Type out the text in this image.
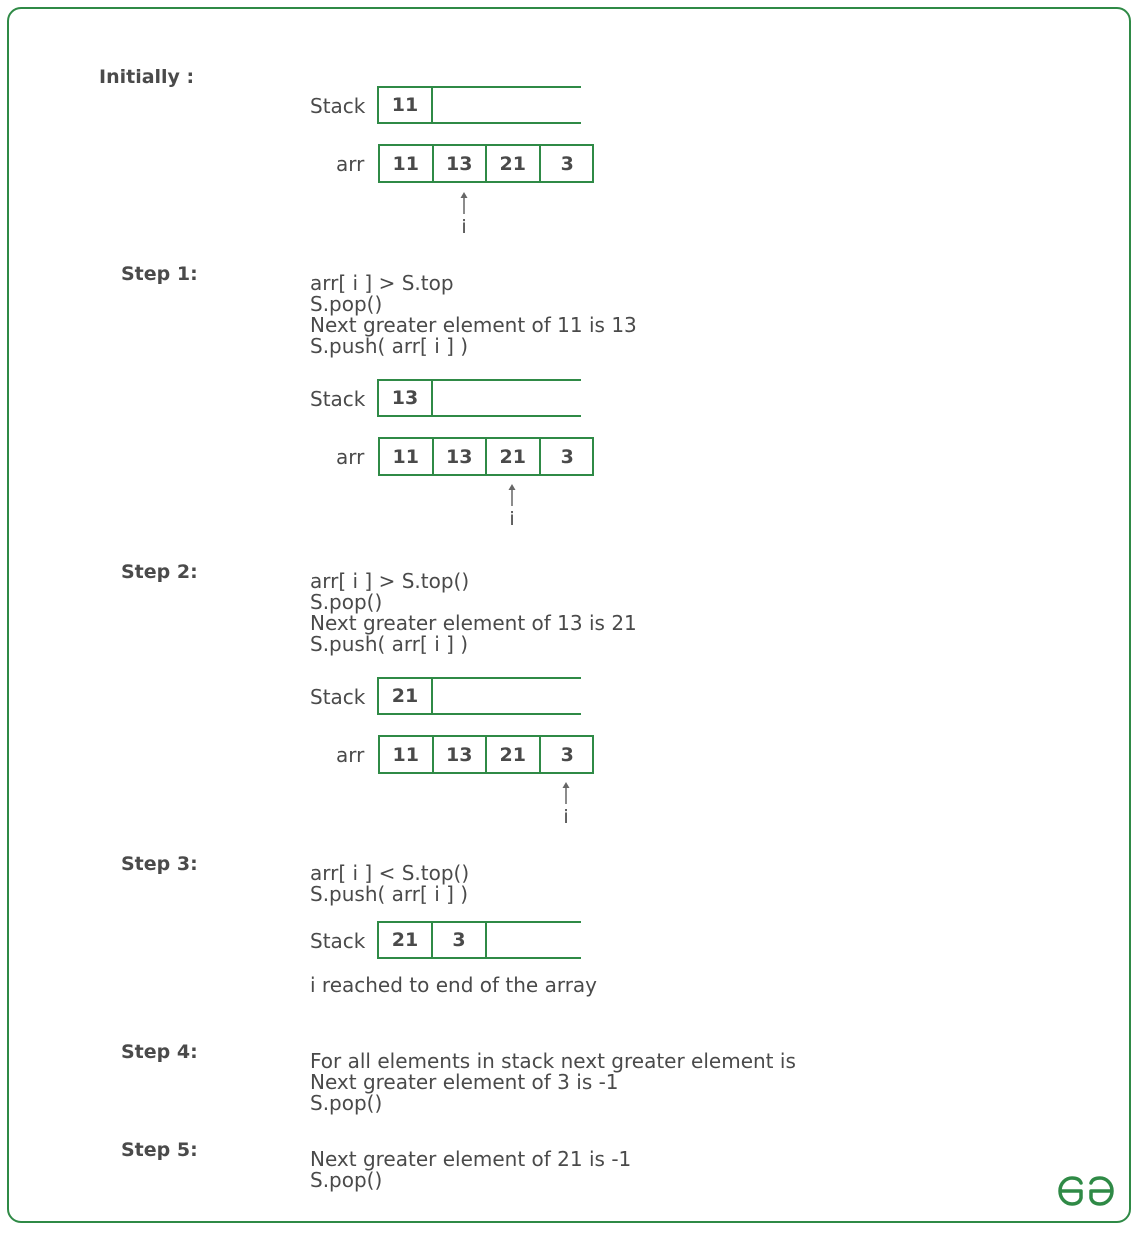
Initially :
Stack	11
arr	11	13	21	3
i
Step 1:	arr[ i ] > S.top
S.pop()
Next greater element of 11 is 13
S.push( arr[ i ] )
Stack	13
arr	11	13	21	3
i
Step 2:	arr[ i ] > S.top()
S.pop()
Next greater element of 13 is 21
S.push( arr[ i ] )
Stack	21
arr	11	13	21	3
i
Step 3:	arr[ i ] < S.top()
S.push( arr[ i ] )
Stack	21	3
i reached to end of the array
Step 4:	For all elements in stack next greater element is
Next greater element of 3 is -1
S.pop()
Step 5:	Next greater element of 21 is -1
S.pop()
